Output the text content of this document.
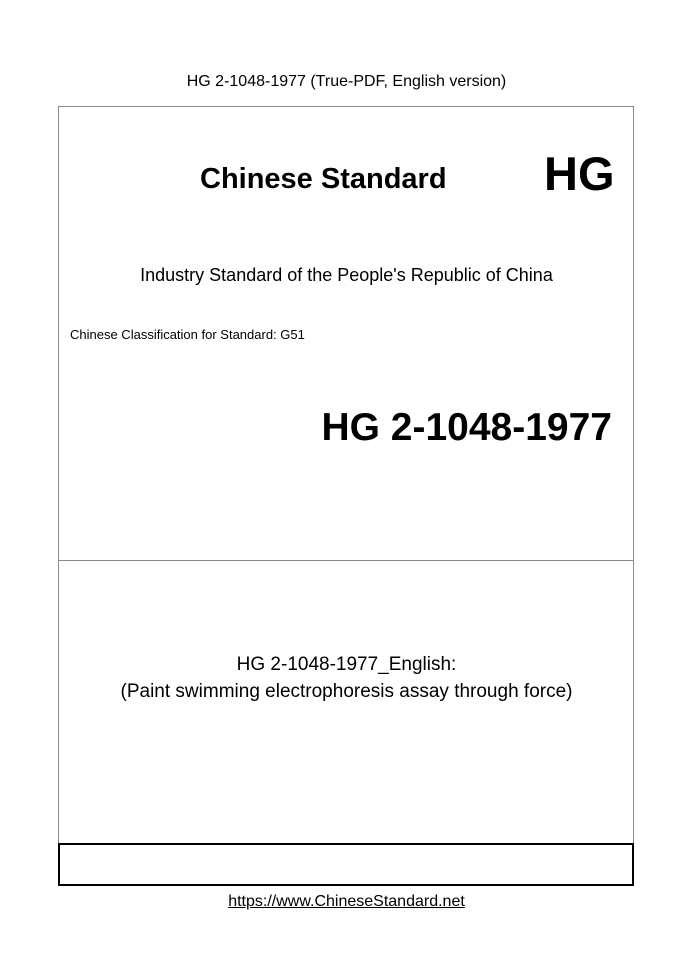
HG 2-1048-1977 (True-PDF, English version)
Chinese Standard HG
Industry Standard of the People's Republic of China
Chinese Classification for Standard: G51
HG 2-1048-1977
HG 2-1048-1977_English:
(Paint swimming electrophoresis assay through force)
https://www.ChineseStandard.net
